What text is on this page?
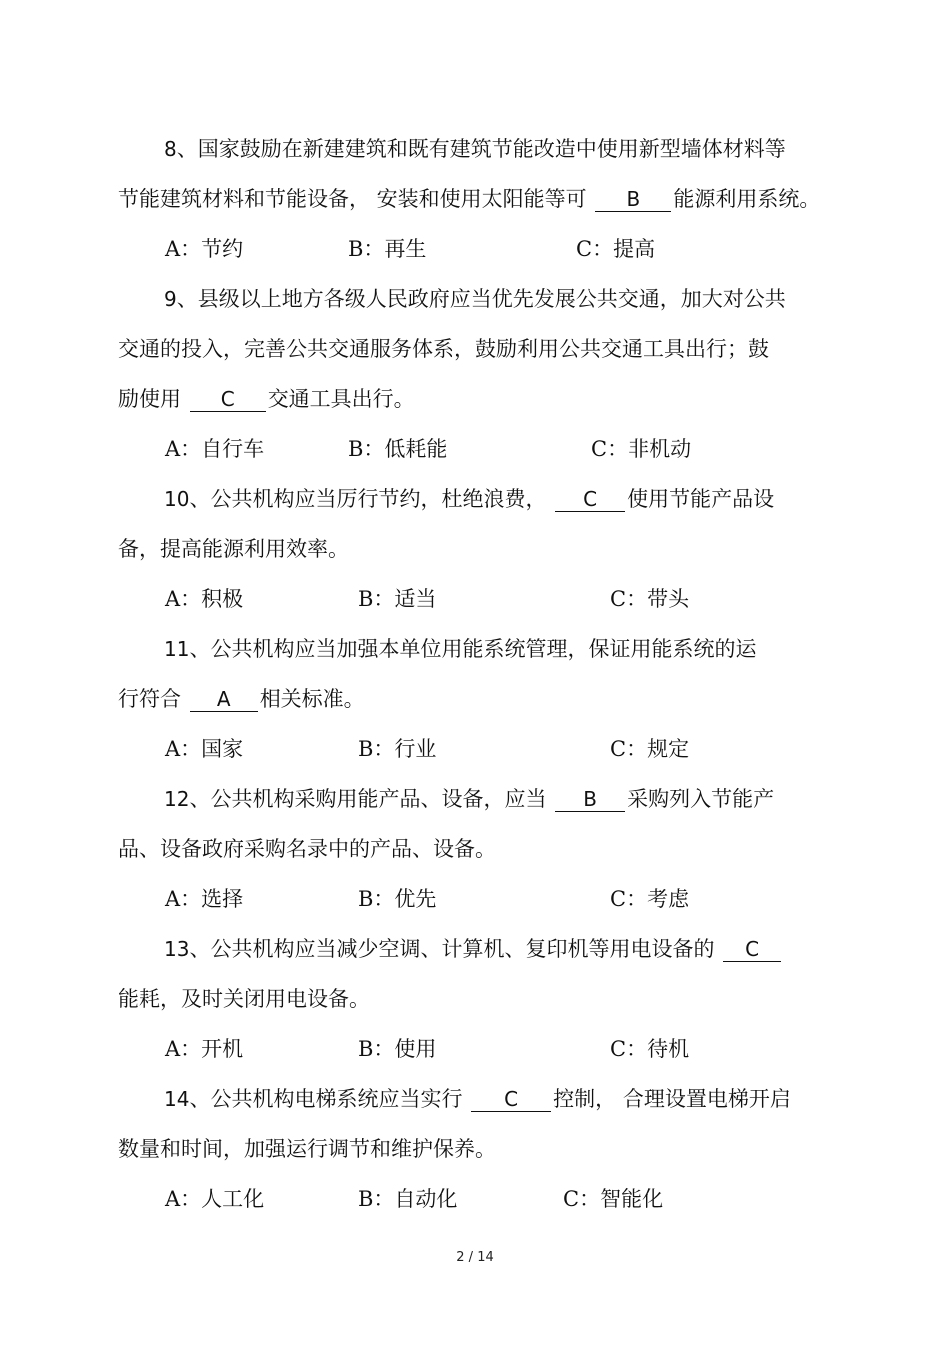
8、国家鼓励在新建建筑和既有建筑节能改造中使用新型墙体材料等
节能建筑材料和节能设备， 安装和使用太阳能等可 B 能源利用系统。
A：节约	B：再生	C：提高
9、县级以上地方各级人民政府应当优先发展公共交通，加大对公共
交通的投入，完善公共交通服务体系，鼓励利用公共交通工具出行；鼓
励使用 C 交通工具出行。
A：自行车	B：低耗能	C：非机动
10、公共机构应当厉行节约，杜绝浪费， C 使用节能产品设
备，提高能源利用效率。
A：积极	B：适当	C：带头
11、公共机构应当加强本单位用能系统管理，保证用能系统的运
行符合 A 相关标准。
A：国家	B：行业	C：规定
12、公共机构采购用能产品、设备，应当 B 采购列入节能产
品、设备政府采购名录中的产品、设备。
A：选择	B：优先	C：考虑
13、公共机构应当减少空调、计算机、复印机等用电设备的 C
能耗，及时关闭用电设备。
A：开机	B：使用	C：待机
14、公共机构电梯系统应当实行 C 控制， 合理设置电梯开启
数量和时间，加强运行调节和维护保养。
A：人工化	B：自动化	C：智能化
2 / 14
